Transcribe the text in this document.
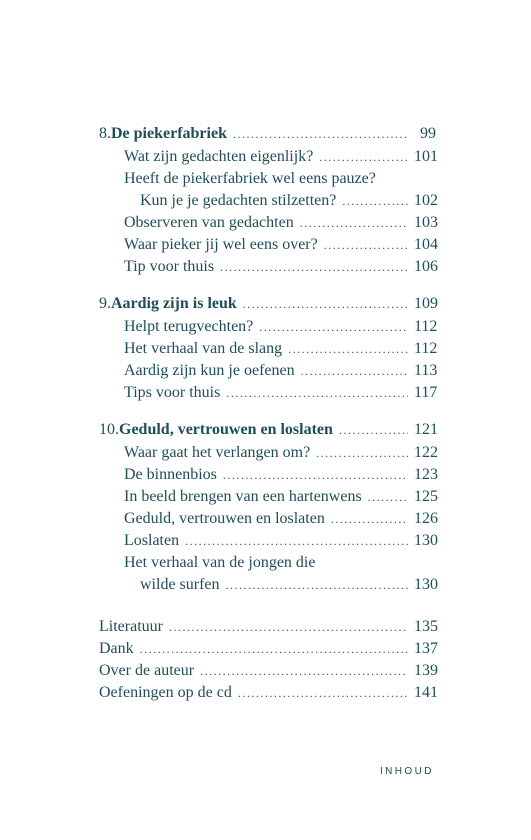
8. De piekerfabriek .....	99
Wat zijn gedachten eigenlijk? .....	101
Heeft de piekerfabriek wel eens pauze?
Kun je je gedachten stilzetten? .....	102
Observeren van gedachten .....	103
Waar pieker jij wel eens over? .....	104
Tip voor thuis .....	106
9. Aardig zijn is leuk .....	109
Helpt terugvechten? .....	112
Het verhaal van de slang .....	112
Aardig zijn kun je oefenen .....	113
Tips voor thuis .....	117
10. Geduld, vertrouwen en loslaten .....	121
Waar gaat het verlangen om? .....	122
De binnenbios .....	123
In beeld brengen van een hartenwens .....	125
Geduld, vertrouwen en loslaten .....	126
Loslaten .....	130
Het verhaal van de jongen die
wilde surfen .....	130
Literatuur .....	135
Dank .....	137
Over de auteur .....	139
Oefeningen op de cd .....	141
INHOUD
